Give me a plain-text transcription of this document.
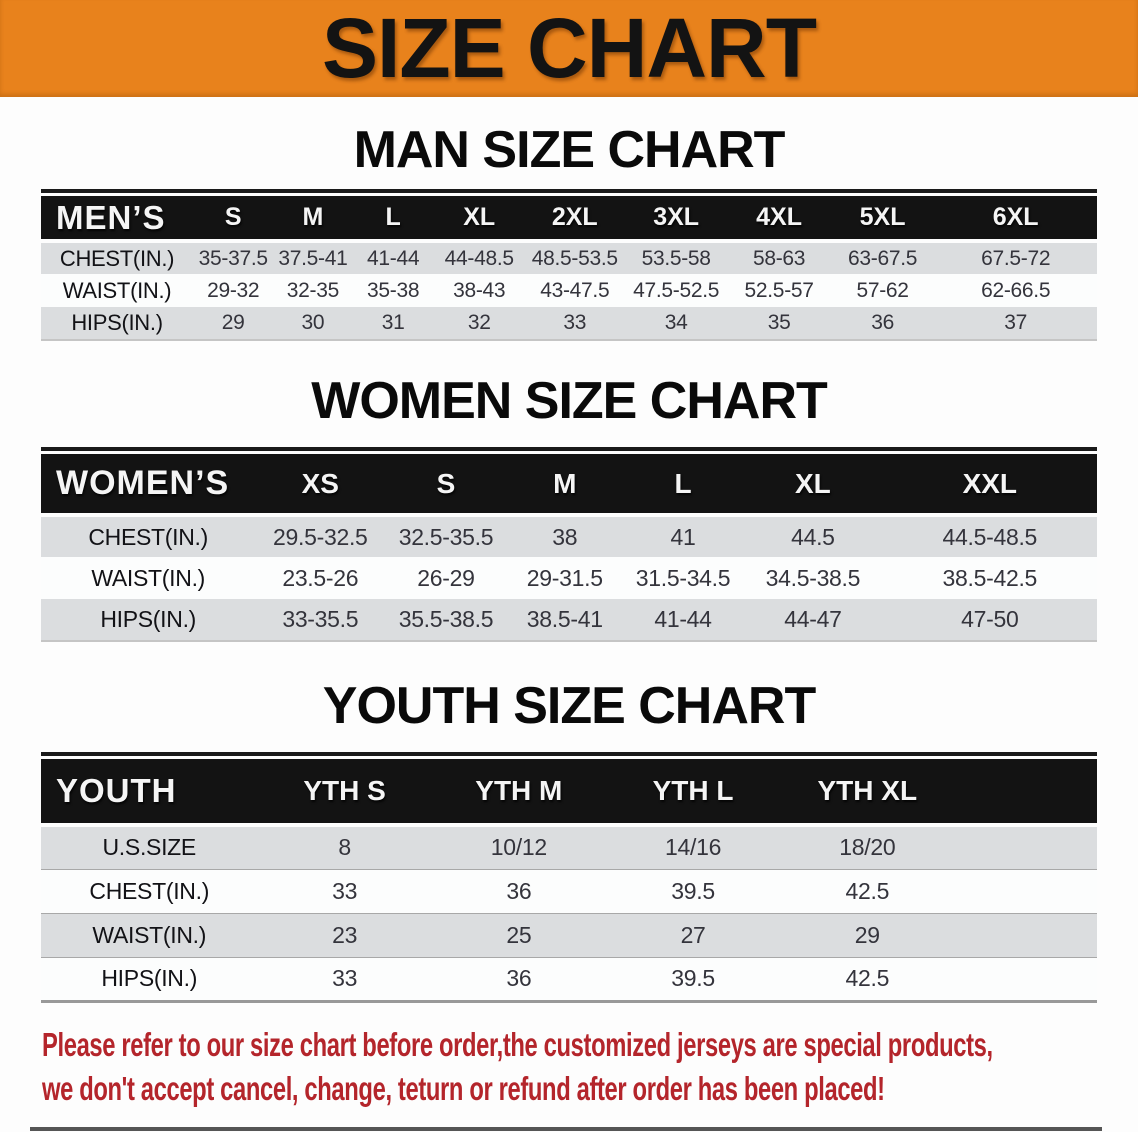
SIZE CHART
MAN SIZE CHART
MEN’S	S	M	L	XL	2XL	3XL	4XL	5XL	6XL
CHEST(IN.)	35-37.5	37.5-41	41-44	44-48.5	48.5-53.5	53.5-58	58-63	63-67.5	67.5-72
WAIST(IN.)	29-32	32-35	35-38	38-43	43-47.5	47.5-52.5	52.5-57	57-62	62-66.5
HIPS(IN.)	29	30	31	32	33	34	35	36	37
WOMEN SIZE CHART
WOMEN’S	XS	S	M	L	XL	XXL
CHEST(IN.)	29.5-32.5	32.5-35.5	38	41	44.5	44.5-48.5
WAIST(IN.)	23.5-26	26-29	29-31.5	31.5-34.5	34.5-38.5	38.5-42.5
HIPS(IN.)	33-35.5	35.5-38.5	38.5-41	41-44	44-47	47-50
YOUTH SIZE CHART
YOUTH	YTH S	YTH M	YTH L	YTH XL	
U.S.SIZE	8	10/12	14/16	18/20	
CHEST(IN.)	33	36	39.5	42.5	
WAIST(IN.)	23	25	27	29	
HIPS(IN.)	33	36	39.5	42.5	
Please refer to our size chart before order,the customized jerseys are special products,
we don't accept cancel, change, teturn or refund after order has been placed!
